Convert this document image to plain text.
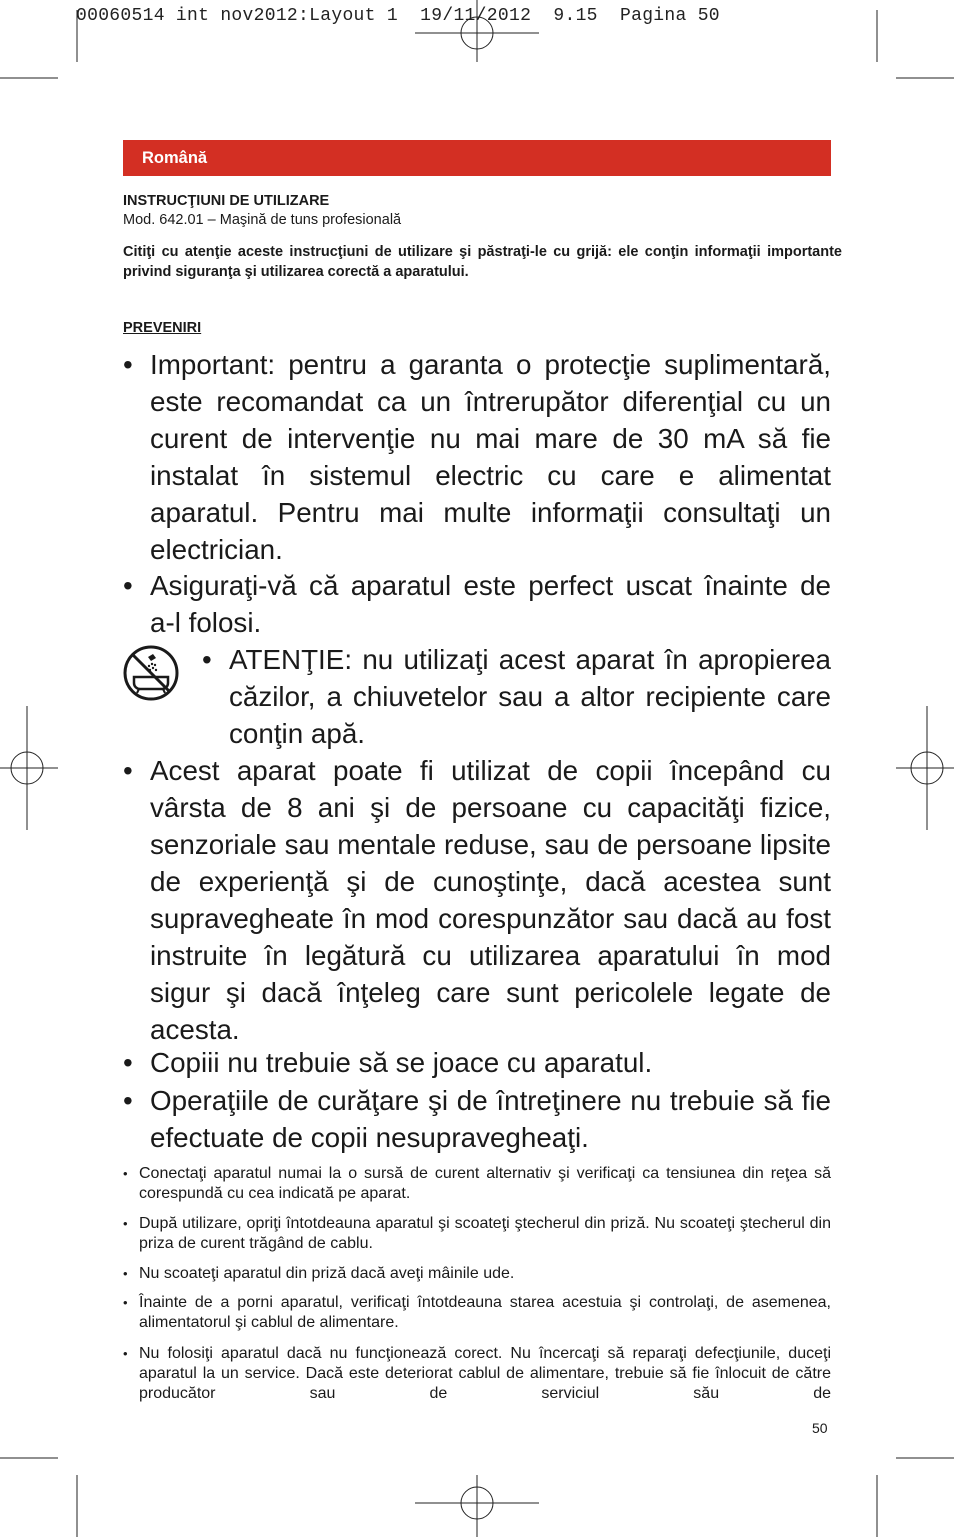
00060514 int nov2012:Layout 1  19/11/2012  9.15  Pagina 50
Română
INSTRUCŢIUNI DE UTILIZARE
Mod. 642.01 – Maşină de tuns profesională
Citiţi cu atenţie aceste instrucţiuni de utilizare şi păstraţi-le cu grijă: ele conţin informaţii importante privind siguranţa şi utilizarea corectă a aparatului.
PREVENIRI
• Important: pentru a garanta o protecţie suplimentară, este recomandat ca un întrerupător diferenţial cu un curent de intervenţie nu mai mare de 30 mA să fie instalat în sistemul electric cu care e alimentat aparatul. Pentru mai multe informaţii consultaţi un electrician.
• Asiguraţi-vă că aparatul este perfect uscat înainte de a-l folosi.
• ATENŢIE: nu utilizaţi acest aparat în apropierea căzilor, a chiuvetelor sau a altor recipiente care conţin apă.
• Acest aparat poate fi utilizat de copii începând cu vârsta de 8 ani şi de persoane cu capacităţi fizice, senzoriale sau mentale reduse, sau de persoane lipsite de experienţă şi de cunoştinţe, dacă acestea sunt supravegheate în mod corespunzător sau dacă au fost instruite în legătură cu utilizarea aparatului în mod sigur şi dacă înţeleg care sunt pericolele legate de acesta.
• Copiii nu trebuie să se joace cu aparatul.
• Operaţiile de curăţare şi de întreţinere nu trebuie să fie efectuate de copii nesupravegheaţi.
• Conectaţi aparatul numai la o sursă de curent alternativ şi verificaţi ca tensiunea din reţea să corespundă cu cea indicată pe aparat.
• După utilizare, opriţi întotdeauna aparatul şi scoateţi ştecherul din priză. Nu scoateţi ştecherul din priza de curent trăgând de cablu.
• Nu scoateţi aparatul din priză dacă aveţi mâinile ude.
• Înainte de a porni aparatul, verificaţi întotdeauna starea acestuia şi controlaţi, de asemenea, alimentatorul şi cablul de alimentare.
• Nu folosiţi aparatul dacă nu funcţionează corect. Nu încercaţi să reparaţi defecţiunile, duceţi aparatul la un service. Dacă este deteriorat cablul de alimentare, trebuie să fie înlocuit de către producător sau de serviciul său de
50
